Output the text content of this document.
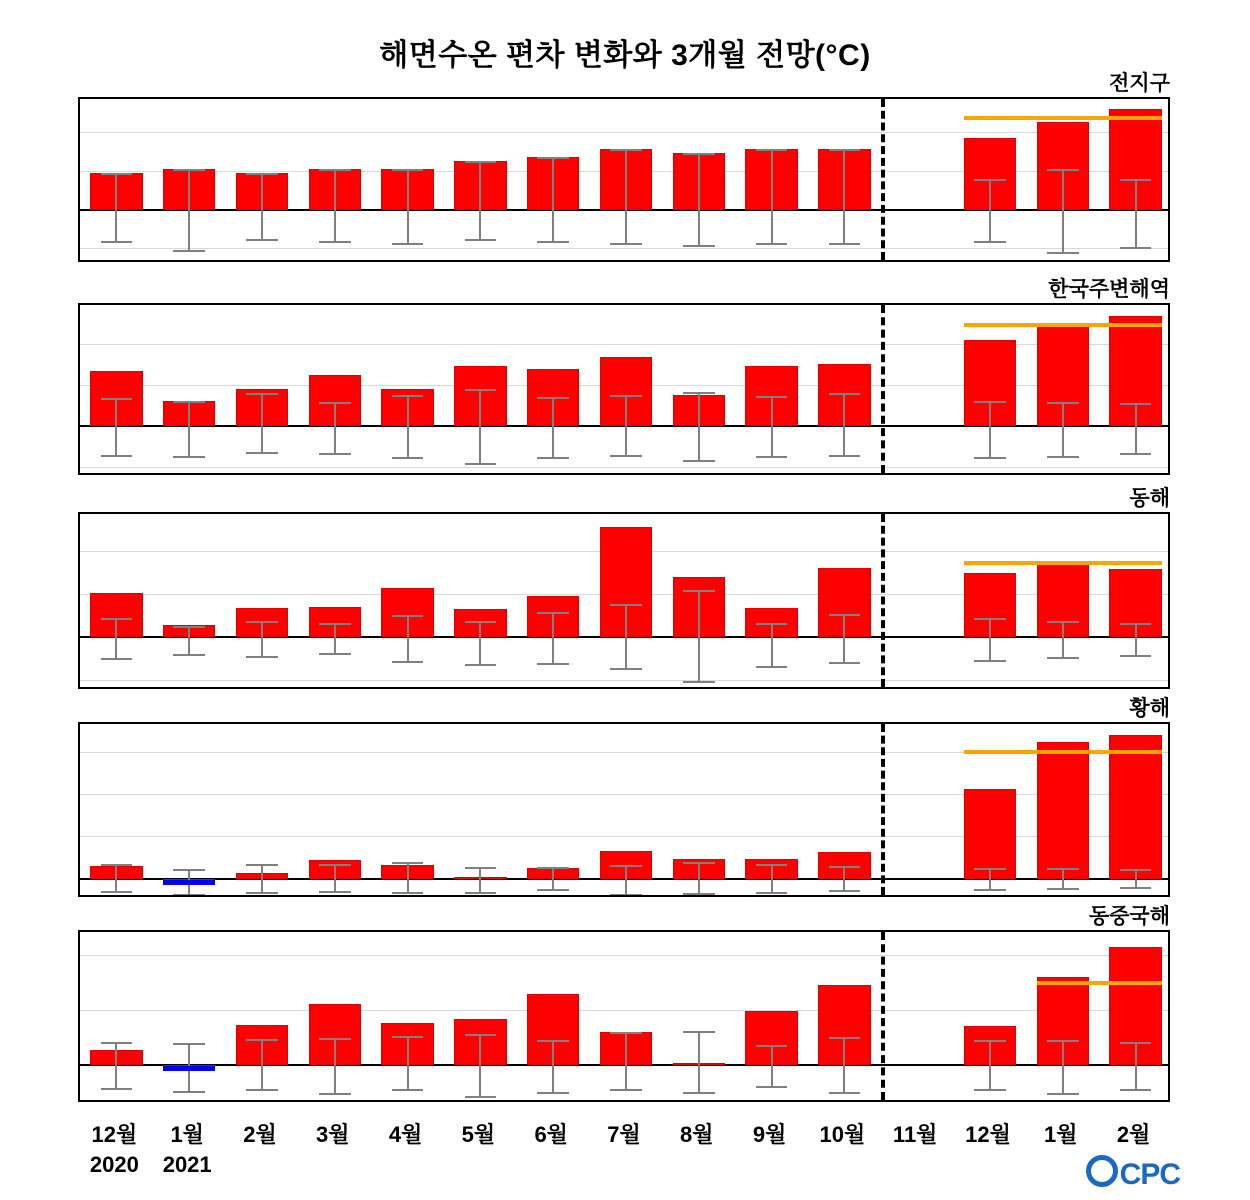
해면수온 편차 변화와 3개월 전망(°C)
전지구
한국주변해역
동해
황해
동중국해
12월 1월 2월 3월 4월 5월 6월 7월 8월 9월 10월 11월 12월 1월 2월
2020 2021	CPC
